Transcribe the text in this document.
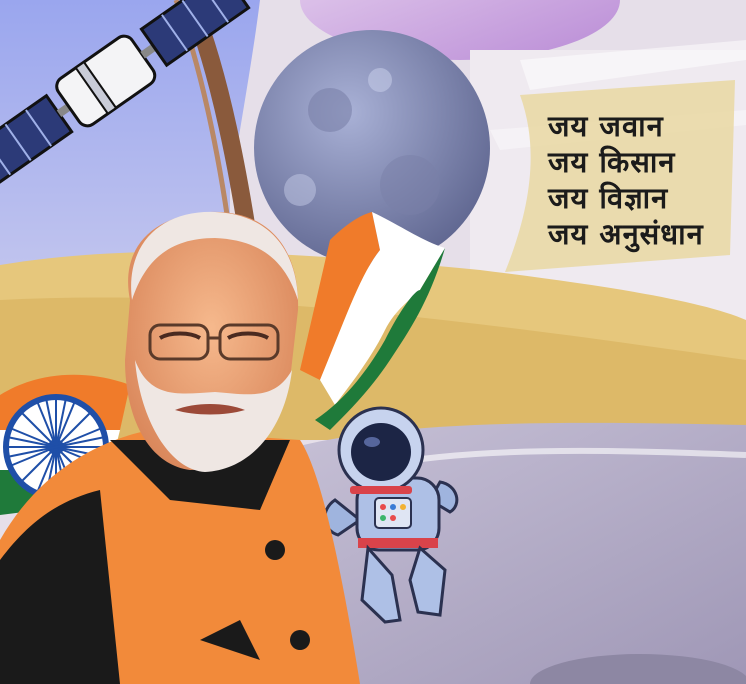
जय जवान
जय किसान
जय विज्ञान
जय अनुसंधान
